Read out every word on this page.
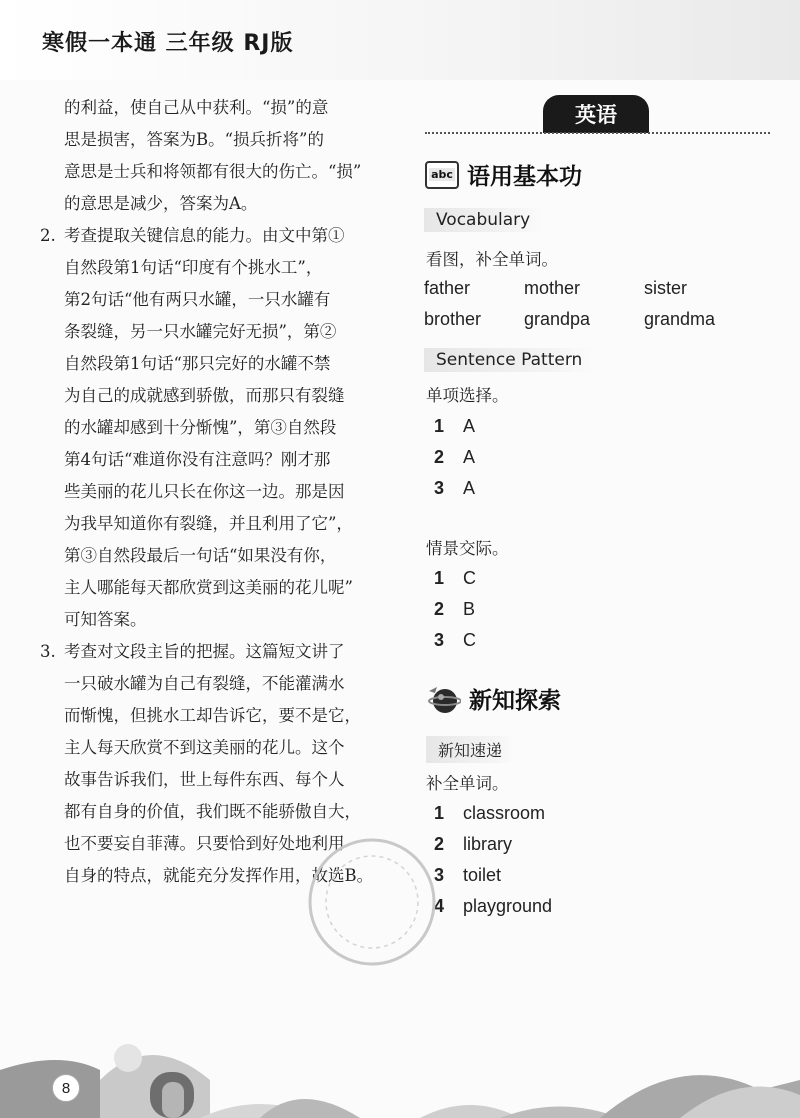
寒假一本通 三年级 RJ版
的利益，使自己从中获利。“损”的意
思是损害，答案为B。“损兵折将”的
意思是士兵和将领都有很大的伤亡。“损”
的意思是减少，答案为A。
2. 考查提取关键信息的能力。由文中第①
自然段第1句话“印度有个挑水工”，
第2句话“他有两只水罐，一只水罐有
条裂缝，另一只水罐完好无损”，第②
自然段第1句话“那只完好的水罐不禁
为自己的成就感到骄傲，而那只有裂缝
的水罐却感到十分惭愧”，第③自然段
第4句话“难道你没有注意吗？刚才那
些美丽的花儿只长在你这一边。那是因
为我早知道你有裂缝，并且利用了它”，
第③自然段最后一句话“如果没有你，
主人哪能每天都欣赏到这美丽的花儿呢”
可知答案。
3. 考查对文段主旨的把握。这篇短文讲了
一只破水罐为自己有裂缝，不能灌满水
而惭愧，但挑水工却告诉它，要不是它，
主人每天欣赏不到这美丽的花儿。这个
故事告诉我们，世上每件东西、每个人
都有自身的价值，我们既不能骄傲自大，
也不要妄自菲薄。只要恰到好处地利用
自身的特点，就能充分发挥作用，故选B。
英语
abc 语用基本功
Vocabulary
看图，补全单词。
father	mother	sister
brother grandpa	grandma
Sentence Pattern
单项选择。
1	A
2	A
3	A
情景交际。
1	C
2	B
3	C
新知探索
新知速递
补全单词。
1	classroom
2	library
3	toilet
4	playground
8
